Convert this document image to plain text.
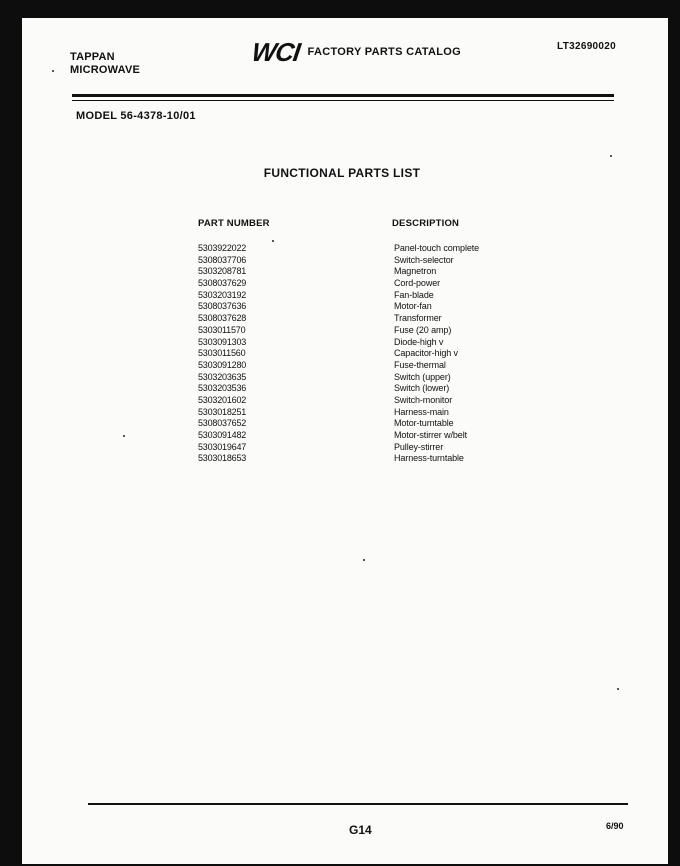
TAPPAN
MICROWAVE
WCI FACTORY PARTS CATALOG	LT32690020
MODEL 56-4378-10/01
FUNCTIONAL PARTS LIST
PART NUMBER	DESCRIPTION
5303922022	Panel-touch complete
5308037706	Switch-selector
5303208781	Magnetron
5308037629	Cord-power
5303203192	Fan-blade
5308037636	Motor-fan
5308037628	Transformer
5303011570	Fuse (20 amp)
5303091303	Diode-high v
5303011560	Capacitor-high v
5303091280	Fuse-thermal
5303203635	Switch (upper)
5303203536	Switch (lower)
5303201602	Switch-monitor
5303018251	Harness-main
5308037652	Motor-turntable
5303091482	Motor-stirrer w/belt
5303019647	Pulley-stirrer
5303018653	Harness-turntable
G14	6/90
